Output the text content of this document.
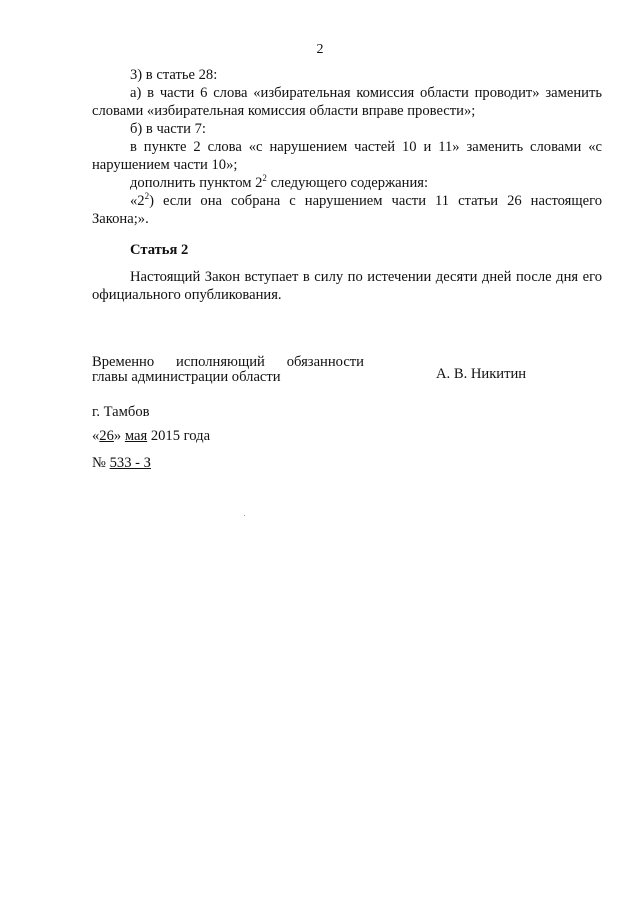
2

3) в статье 28:

а) в части 6 слова «избирательная комиссия области проводит» заменить словами «избирательная комиссия области вправе провести»;

б) в части 7:

в пункте 2 слова «с нарушением частей 10 и 11» заменить словами «с нарушением части 10»;

дополнить пунктом $2^2$ следующего содержания:

«$2^2$) если она собрана с нарушением части 11 статьи 26 настоящего Закона;».

Статья 2

Настоящий Закон вступает в силу по истечении десяти дней после дня его официального опубликования.

Временно исполняющий обязанности
главы администрации области	А. В. Никитин
г. Тамбов
«26» мая 2015 года
№ 533 - З
